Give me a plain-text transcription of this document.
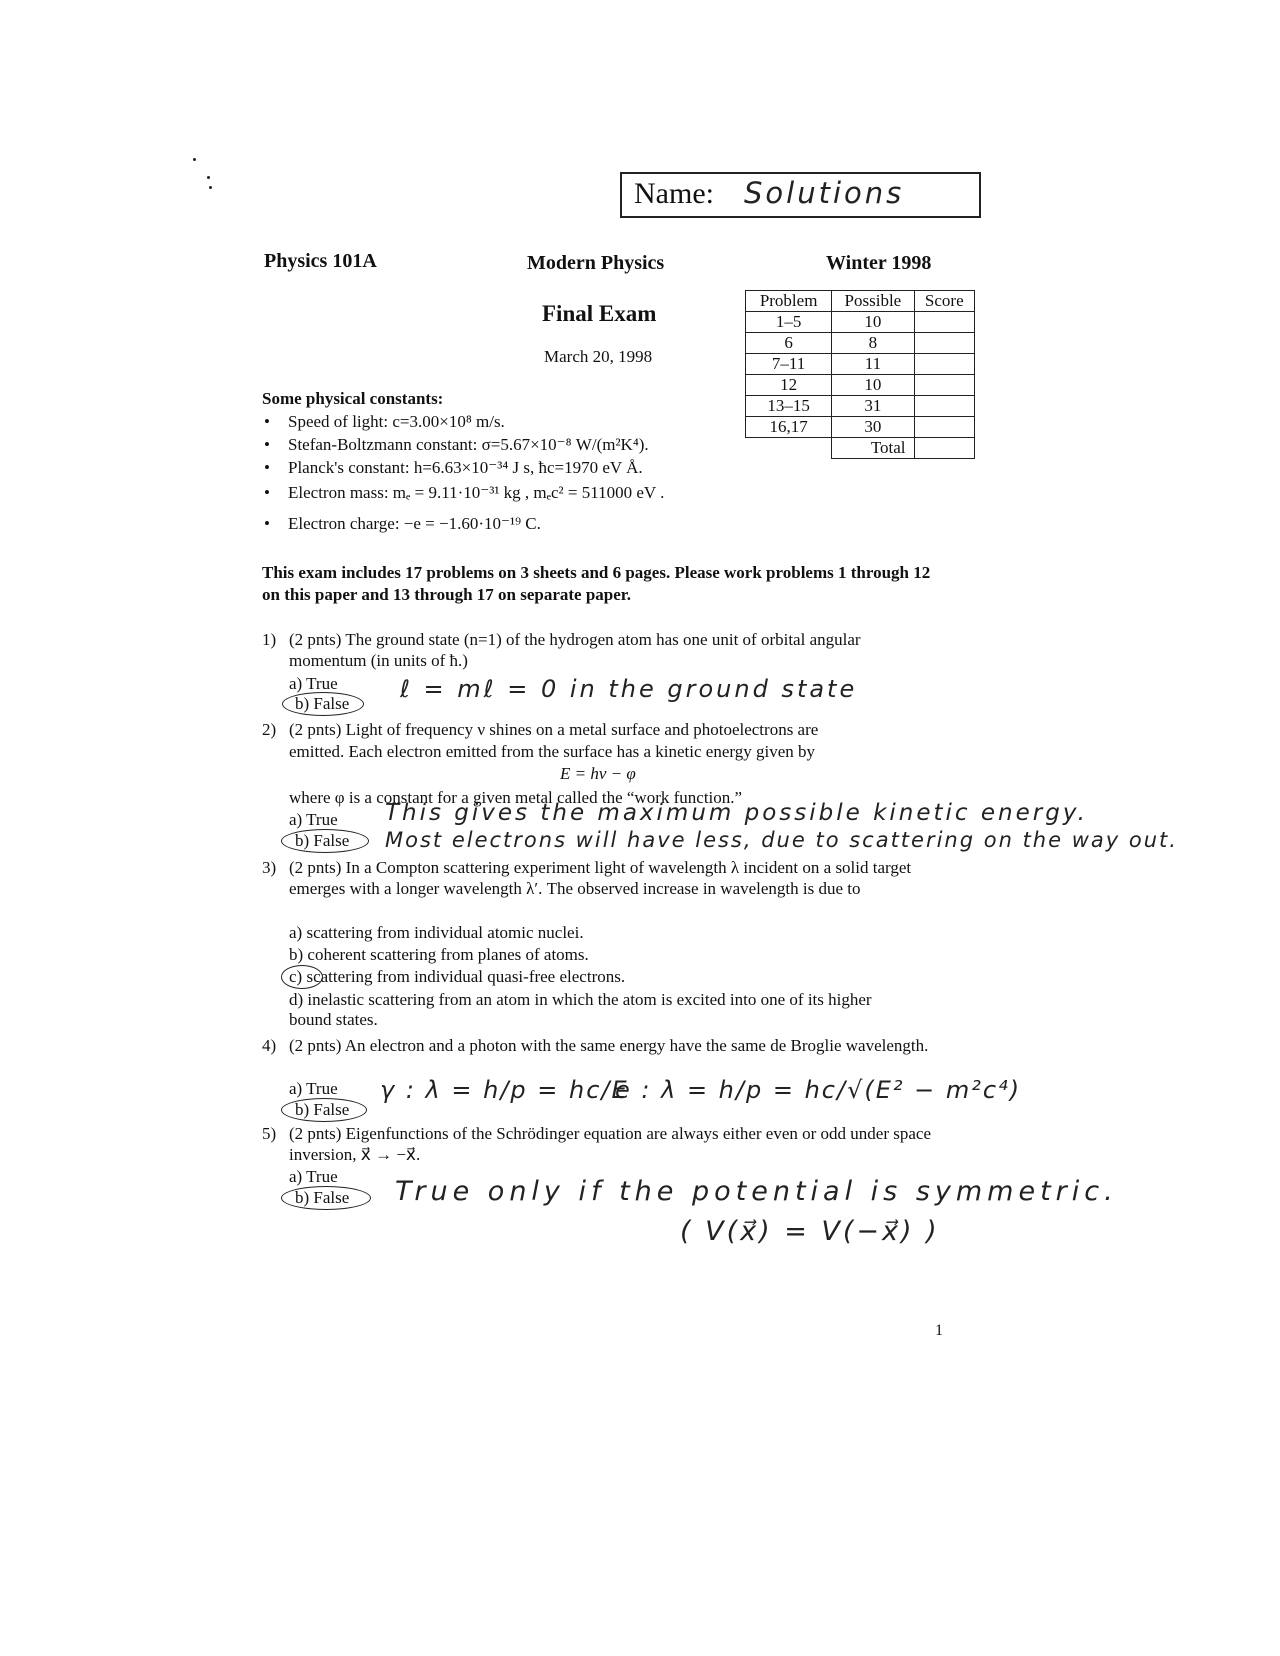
Name: Solutions
Physics 101A	Modern Physics	Winter 1998
Final Exam
March 20, 1998
Problem	Possible	Score
1–5	10	
6	8	
7–11	11	
12	10	
13–15	31	
16,17	30	
	Total	
Some physical constants:
• Speed of light: c=3.00×10⁸ m/s.
• Stefan-Boltzmann constant: σ=5.67×10⁻⁸ W/(m²K⁴).
• Planck's constant: h=6.63×10⁻³⁴ J s, ħc=1970 eV Å.
• Electron mass: mₑ = 9.11·10⁻³¹ kg , mₑc² = 511000 eV .
• Electron charge: −e = −1.60·10⁻¹⁹ C.
This exam includes 17 problems on 3 sheets and 6 pages. Please work problems 1 through 12 on this paper and 13 through 17 on separate paper.
1) (2 pnts) The ground state (n=1) of the hydrogen atom has one unit of orbital angular momentum (in units of ħ.)
a) True
b) False
ℓ = mℓ = 0 in the ground state
2) (2 pnts) Light of frequency ν shines on a metal surface and photoelectrons are
emitted. Each electron emitted from the surface has a kinetic energy given by
E = hν − φ
where φ is a constant for a given metal called the “work function.”
a) True
b) False
This gives the maximum possible kinetic energy.
Most electrons will have less, due to scattering on the way out.
3) (2 pnts) In a Compton scattering experiment light of wavelength λ incident on a solid target emerges with a longer wavelength λ′. The observed increase in wavelength is due to
a) scattering from individual atomic nuclei.
b) coherent scattering from planes of atoms.
c) scattering from individual quasi-free electrons.
d) inelastic scattering from an atom in which the atom is excited into one of its higher bound states.
4) (2 pnts) An electron and a photon with the same energy have the same de Broglie wavelength.
a) True
b) False
γ : λ = h/p = hc/E
e : λ = h/p = hc/√(E² − m²c⁴)
5) (2 pnts) Eigenfunctions of the Schrödinger equation are always either even or odd under space inversion, x⃗ → −x⃗.
a) True
b) False True only if the potential is symmetric.
( V(x⃗) = V(−x⃗) )
1
